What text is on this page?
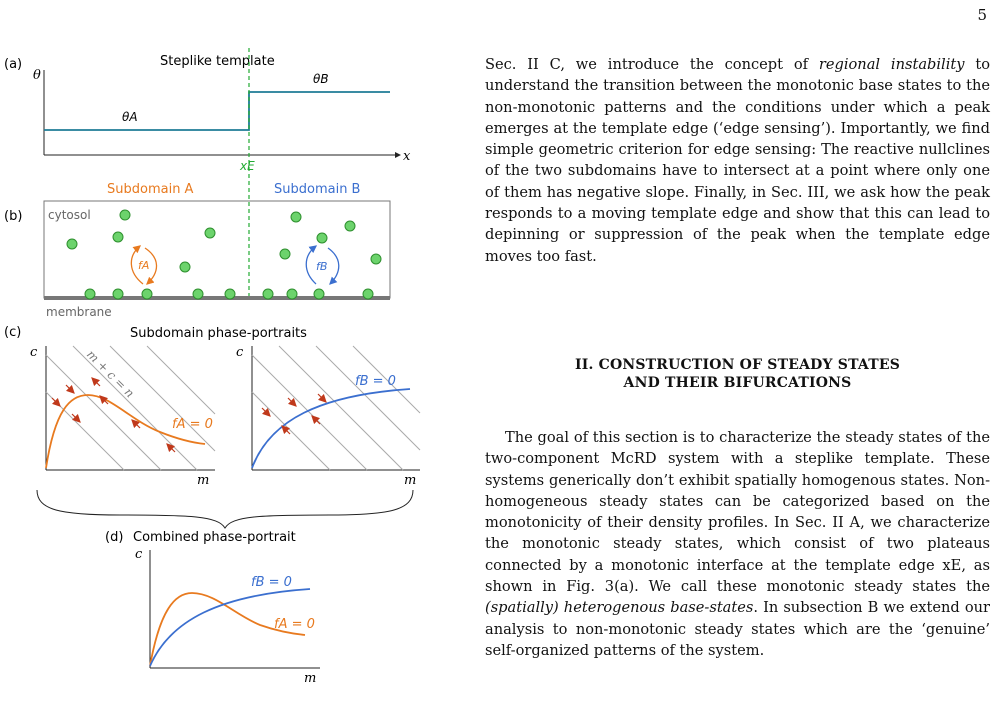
5
(a)	Steplike template
θ
x
θA
θB
xE
(b)
Subdomain A	Subdomain B
cytosol
membrane
fA	fB
(c)	Subdomain phase-portraits
c
m
m + c = n
fA = 0
c
m
fB = 0
(d) Combined phase-portrait
c
m
fB = 0
fA = 0

Sec. II C, we introduce the concept of regional instability to understand the transition between the monotonic base states to the non-monotonic patterns and the conditions under which a peak emerges at the template edge (‘edge sensing’). Importantly, we find simple geometric criterion for edge sensing: The reactive nullclines of the two subdomains have to intersect at a point where only one of them has negative slope. Finally, in Sec. III, we ask how the peak responds to a moving template edge and show that this can lead to depinning or suppression of the peak when the template edge moves too fast.

II. CONSTRUCTION OF STEADY STATES
AND THEIR BIFURCATIONS

The goal of this section is to characterize the steady states of the two-component McRD system with a steplike template. These systems generically don’t exhibit spatially homogenous states. Non-homogeneous steady states can be categorized based on the monotonicity of their density profiles. In Sec. II A, we characterize the monotonic steady states, which consist of two plateaus connected by a monotonic interface at the template edge xE, as shown in Fig. 3(a). We call these monotonic steady states the (spatially) heterogenous base-states. In subsection B we extend our analysis to non-monotonic steady states which are the ‘genuine’ self-organized patterns of the system.
